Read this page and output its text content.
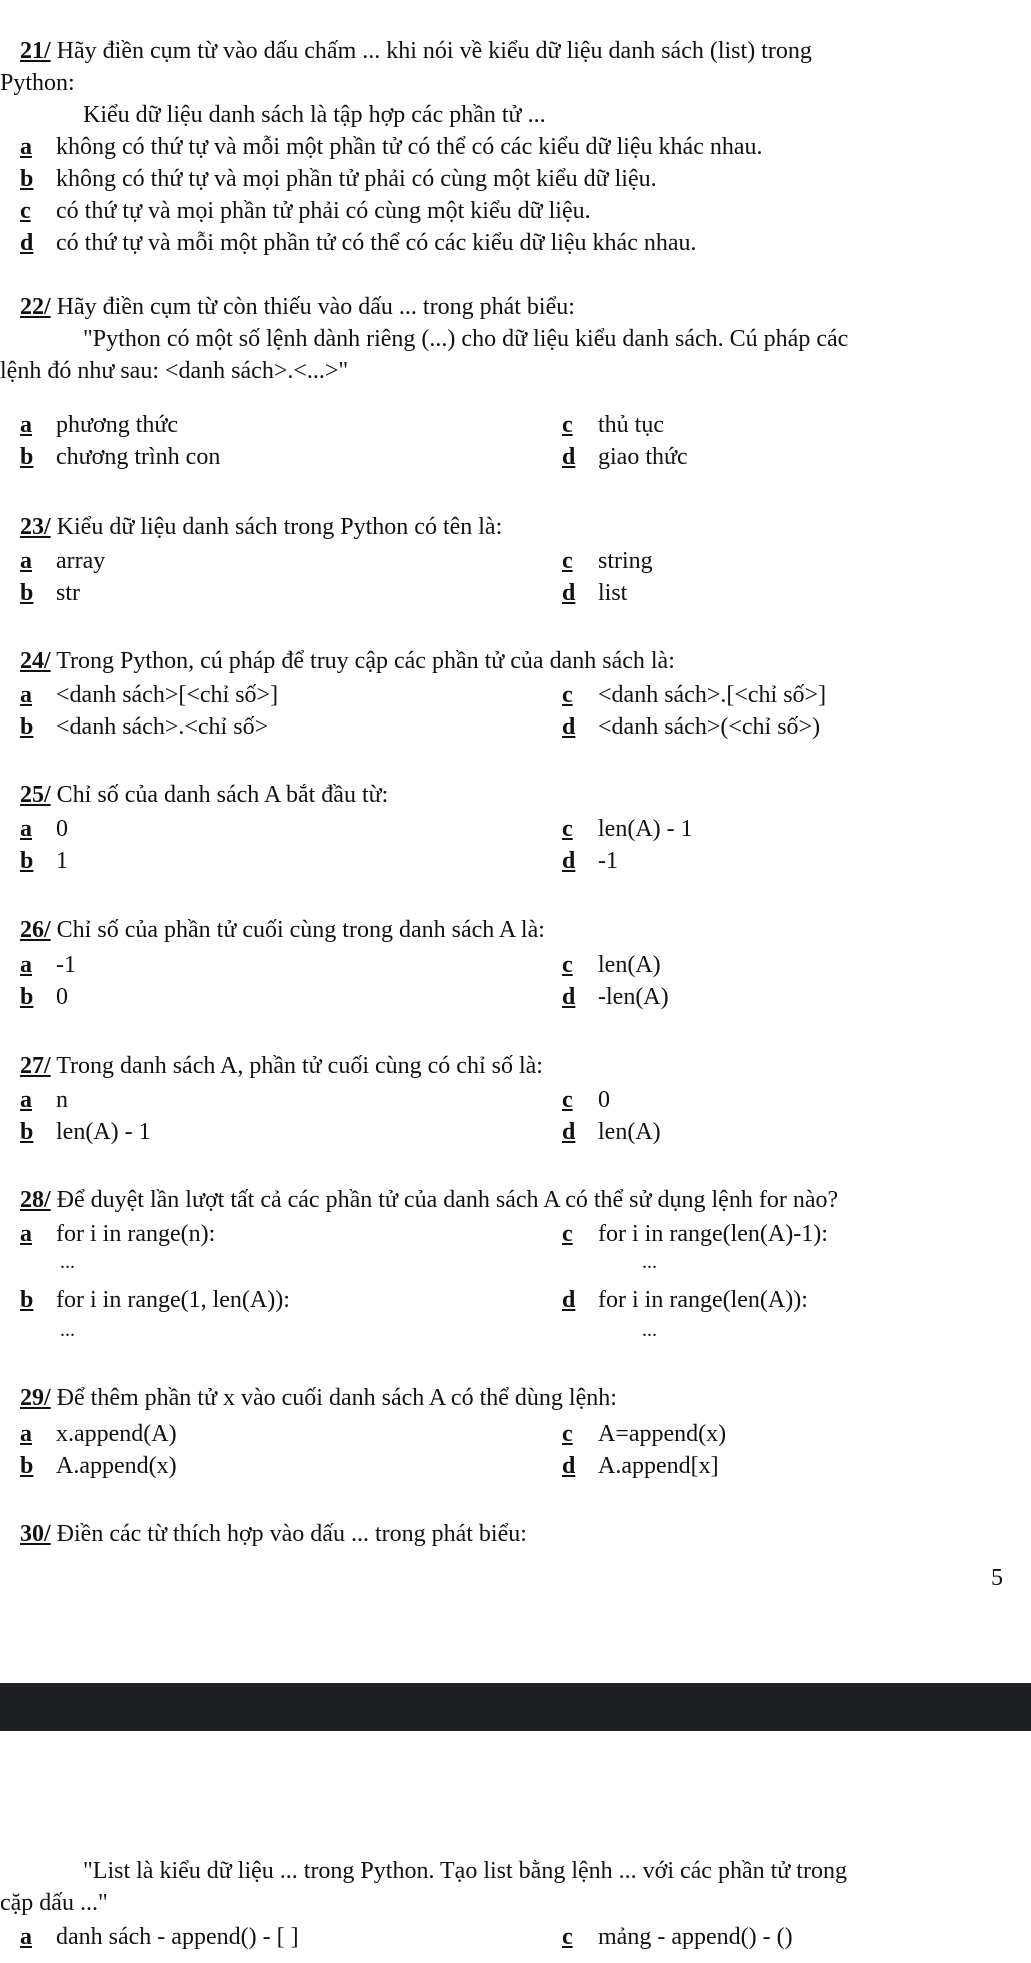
21/ Hãy điền cụm từ vào dấu chấm ... khi nói về kiểu dữ liệu danh sách (list) trong
Python:
Kiểu dữ liệu danh sách là tập hợp các phần tử ...
a không có thứ tự và mỗi một phần tử có thể có các kiểu dữ liệu khác nhau.
b không có thứ tự và mọi phần tử phải có cùng một kiểu dữ liệu.
c có thứ tự và mọi phần tử phải có cùng một kiểu dữ liệu.
d có thứ tự và mỗi một phần tử có thể có các kiểu dữ liệu khác nhau.
22/ Hãy điền cụm từ còn thiếu vào dấu ... trong phát biểu:
"Python có một số lệnh dành riêng (...) cho dữ liệu kiểu danh sách. Cú pháp các
lệnh đó như sau: <danh sách>.<...>"
a phương thức	c thủ tục
b chương trình con	d giao thức
23/ Kiểu dữ liệu danh sách trong Python có tên là:
a array	c string
b str	d list
24/ Trong Python, cú pháp để truy cập các phần tử của danh sách là:
a <danh sách>[<chỉ số>]	c <danh sách>.[<chỉ số>]
b <danh sách>.<chỉ số>	d <danh sách>(<chỉ số>)
25/ Chỉ số của danh sách A bắt đầu từ:
a 0	c len(A) - 1
b 1	d -1
26/ Chỉ số của phần tử cuối cùng trong danh sách A là:
a -1	c len(A)
b 0	d -len(A)
27/ Trong danh sách A, phần tử cuối cùng có chỉ số là:
a n	c 0
b len(A) - 1	d len(A)
28/ Để duyệt lần lượt tất cả các phần tử của danh sách A có thể sử dụng lệnh for nào?
a for i in range(n):	c for i in range(len(A)-1):
...	...
b for i in range(1, len(A)):	d for i in range(len(A)):
...	...
29/ Để thêm phần tử x vào cuối danh sách A có thể dùng lệnh:
a x.append(A)	c A=append(x)
b A.append(x)	d A.append[x]
30/ Điền các từ thích hợp vào dấu ... trong phát biểu:
5
"List là kiểu dữ liệu ... trong Python. Tạo list bằng lệnh ... với các phần tử trong
cặp dấu ..."
a danh sách - append() - [ ]	c mảng - append() - ()
